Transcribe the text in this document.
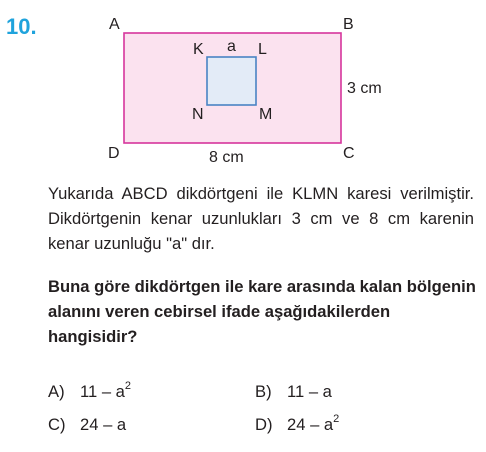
10.	A	B
C
D
K a L
N	M
3 cm
8 cm

Yukarıda ABCD dikdörtgeni ile KLMN karesi verilmiştir. Dikdörtgenin kenar uzunlukları 3 cm ve 8 cm karenin kenar uzunluğu "a" dır.

Buna göre dikdörtgen ile kare arasında kalan bölgenin alanını veren cebirsel ifade aşağıdakilerden hangisidir?

A) $11 - a^2$	B) 11 – a
C) 24 – a	D) $24 - a^2$
